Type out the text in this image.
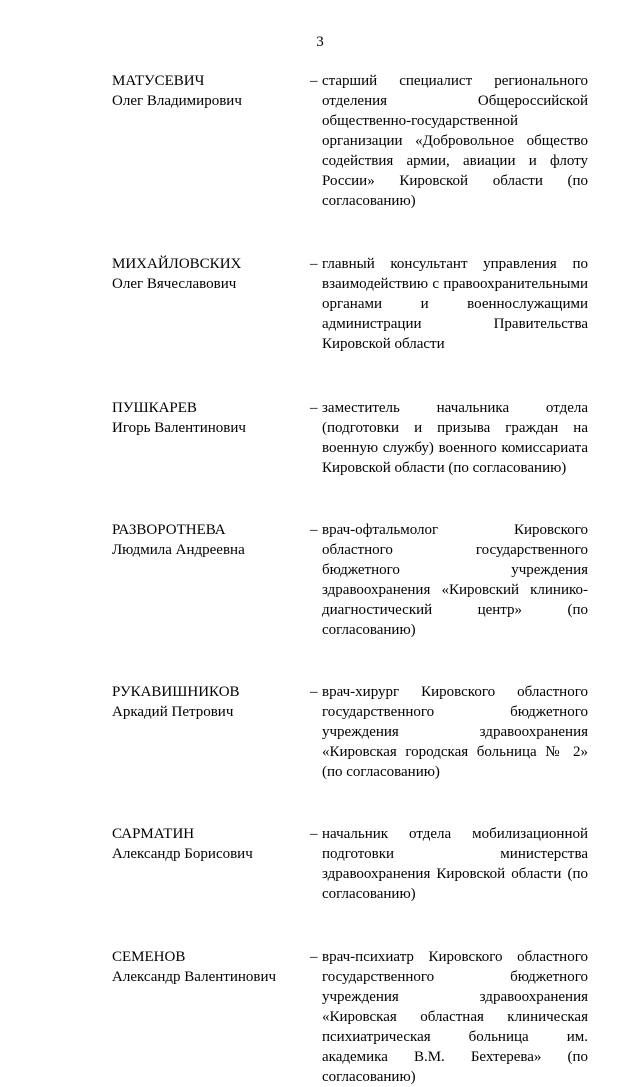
3
МАТУСЕВИЧ
Олег Владимирович
– старший специалист регионального отделения Общероссийской общественно-государственной организации «Добровольное общество содействия армии, авиации и флоту России» Кировской области (по согласованию)
МИХАЙЛОВСКИХ
Олег Вячеславович
– главный консультант управления по взаимодействию с правоохранительными органами и военнослужащими администрации Правительства Кировской области
ПУШКАРЕВ
Игорь Валентинович
– заместитель начальника отдела (подготовки и призыва граждан на военную службу) военного комиссариата Кировской области (по согласованию)
РАЗВОРОТНЕВА
Людмила Андреевна
– врач-офтальмолог Кировского областного государственного бюджетного учреждения здравоохранения «Кировский клинико-диагностический центр» (по согласованию)
РУКАВИШНИКОВ
Аркадий Петрович
– врач-хирург Кировского областного государственного бюджетного учреждения здравоохранения «Кировская городская больница № 2» (по согласованию)
САРМАТИН
Александр Борисович
– начальник отдела мобилизационной подготовки министерства здравоохранения Кировской области (по согласованию)
СЕМЕНОВ
Александр Валентинович
– врач-психиатр Кировского областного государственного бюджетного учреждения здравоохранения «Кировская областная клиническая психиатрическая больница им. академика В.М. Бехтерева» (по согласованию)
